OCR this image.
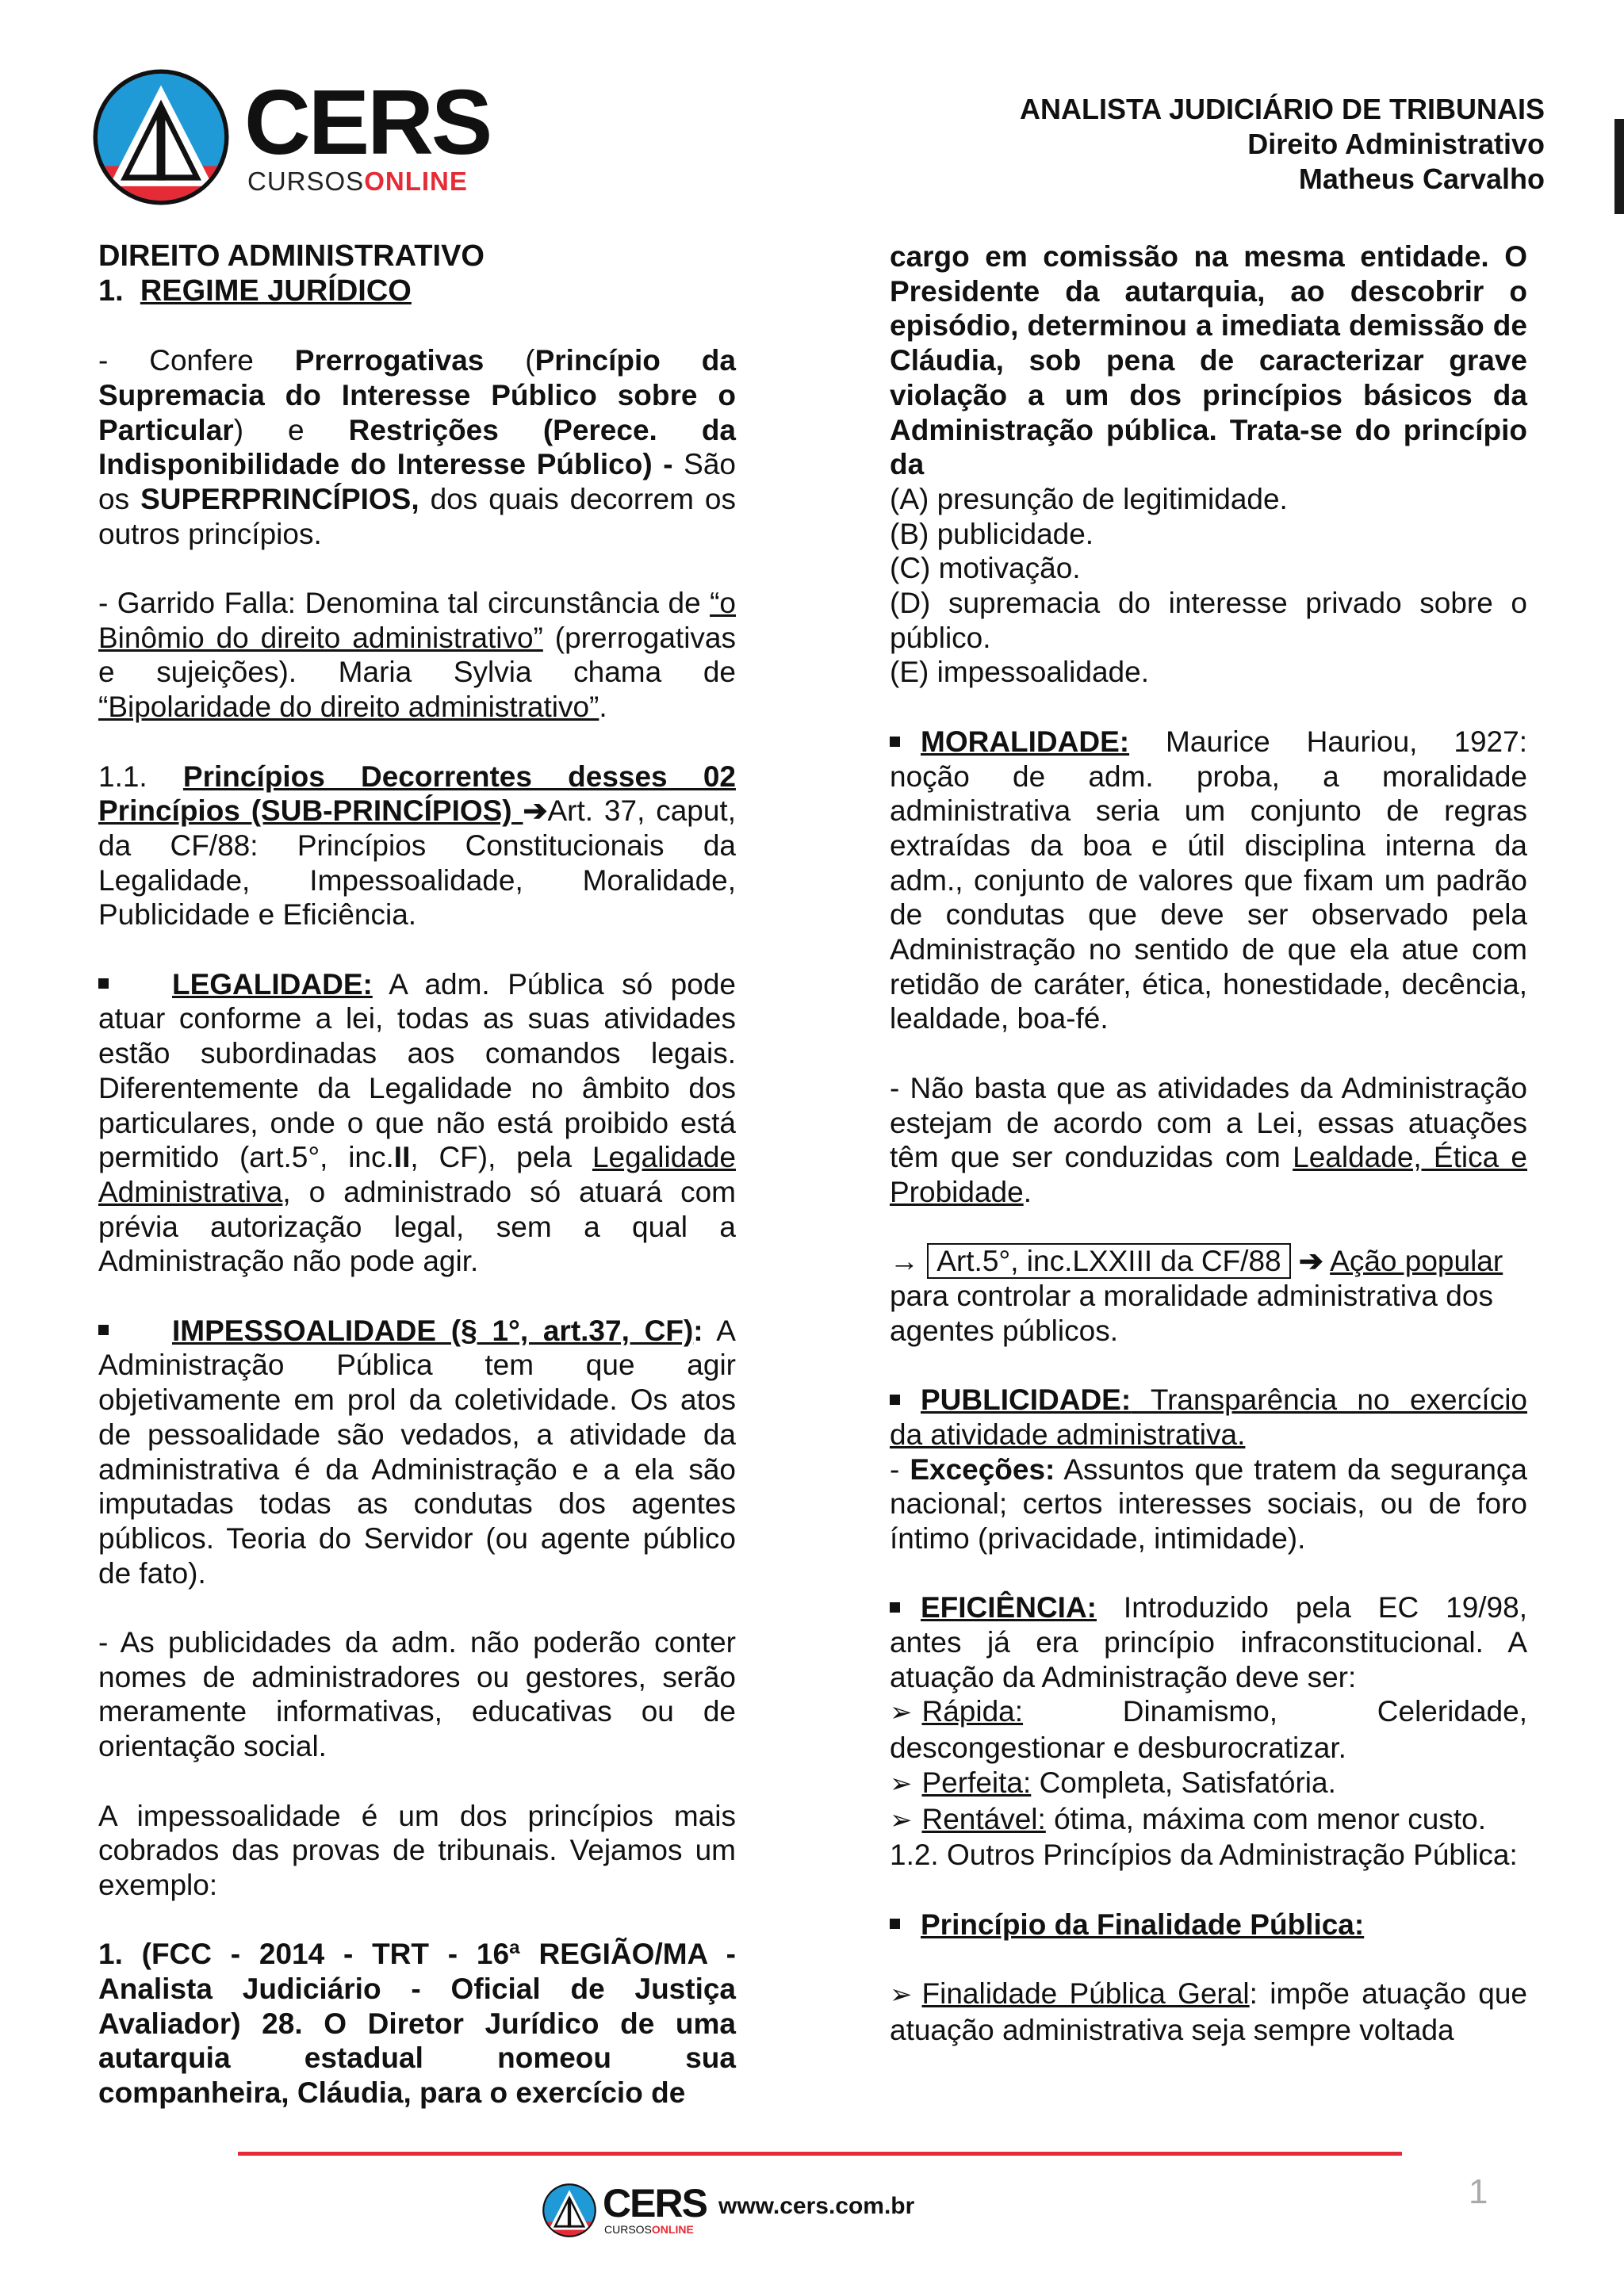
CERS
CURSOSONLINE
ANALISTA JUDICIÁRIO DE TRIBUNAIS
Direito Administrativo
Matheus Carvalho

DIREITO ADMINISTRATIVO

1. REGIME JURÍDICO

- Confere Prerrogativas (Princípio da Supremacia do Interesse Público sobre o Particular) e Restrições (Perece. da Indisponibilidade do Interesse Público) - São os SUPERPRINCÍPIOS, dos quais decorrem os outros princípios.

- Garrido Falla: Denomina tal circunstância de “o Binômio do direito administrativo” (prerrogativas e sujeições). Maria Sylvia chama de “Bipolaridade do direito administrativo”.

1.1. Princípios Decorrentes desses 02 Princípios (SUB-PRINCÍPIOS) ➔Art. 37, caput, da CF/88: Princípios Constitucionais da Legalidade, Impessoalidade, Moralidade, Publicidade e Eficiência.

LEGALIDADE: A adm. Pública só pode atuar conforme a lei, todas as suas atividades estão subordinadas aos comandos legais. Diferentemente da Legalidade no âmbito dos particulares, onde o que não está proibido está permitido (art.5°, inc.II, CF), pela Legalidade Administrativa, o administrado só atuará com prévia autorização legal, sem a qual a Administração não pode agir.

IMPESSOALIDADE (§ 1°, art.37, CF): A Administração Pública tem que agir objetivamente em prol da coletividade. Os atos de pessoalidade são vedados, a atividade da administrativa é da Administração e a ela são imputadas todas as condutas dos agentes públicos. Teoria do Servidor (ou agente público de fato).

- As publicidades da adm. não poderão conter nomes de administradores ou gestores, serão meramente informativas, educativas ou de orientação social.

A impessoalidade é um dos princípios mais cobrados das provas de tribunais. Vejamos um exemplo:

1. (FCC - 2014 - TRT - 16ª REGIÃO/MA - Analista Judiciário - Oficial de Justiça Avaliador) 28. O Diretor Jurídico de uma autarquia estadual nomeou sua companheira, Cláudia, para o exercício de

cargo em comissão na mesma entidade. O Presidente da autarquia, ao descobrir o episódio, determinou a imediata demissão de Cláudia, sob pena de caracterizar grave violação a um dos princípios básicos da Administração pública. Trata-se do princípio da

(A) presunção de legitimidade.

(B) publicidade.

(C) motivação.

(D) supremacia do interesse privado sobre o público.

(E) impessoalidade.

MORALIDADE: Maurice Hauriou, 1927: noção de adm. proba, a moralidade administrativa seria um conjunto de regras extraídas da boa e útil disciplina interna da adm., conjunto de valores que fixam um padrão de condutas que deve ser observado pela Administração no sentido de que ela atue com retidão de caráter, ética, honestidade, decência, lealdade, boa-fé.

- Não basta que as atividades da Administração estejam de acordo com a Lei, essas atuações têm que ser conduzidas com Lealdade, Ética e Probidade.

→ Art.5°, inc.LXXIII da CF/88 ➔ Ação popular para controlar a moralidade administrativa dos agentes públicos.

PUBLICIDADE: Transparência no exercício da atividade administrativa.

- Exceções: Assuntos que tratem da segurança nacional; certos interesses sociais, ou de foro íntimo (privacidade, intimidade).

EFICIÊNCIA: Introduzido pela EC 19/98, antes já era princípio infraconstitucional. A atuação da Administração deve ser:

➢ Rápida: Dinamismo, Celeridade, descongestionar e desburocratizar.

➢ Perfeita: Completa, Satisfatória.

➢ Rentável: ótima, máxima com menor custo.

1.2. Outros Princípios da Administração Pública:

Princípio da Finalidade Pública:

➢ Finalidade Pública Geral: impõe atuação que atuação administrativa seja sempre voltada

CERS
CURSOSONLINE
www.cers.com.br	1
